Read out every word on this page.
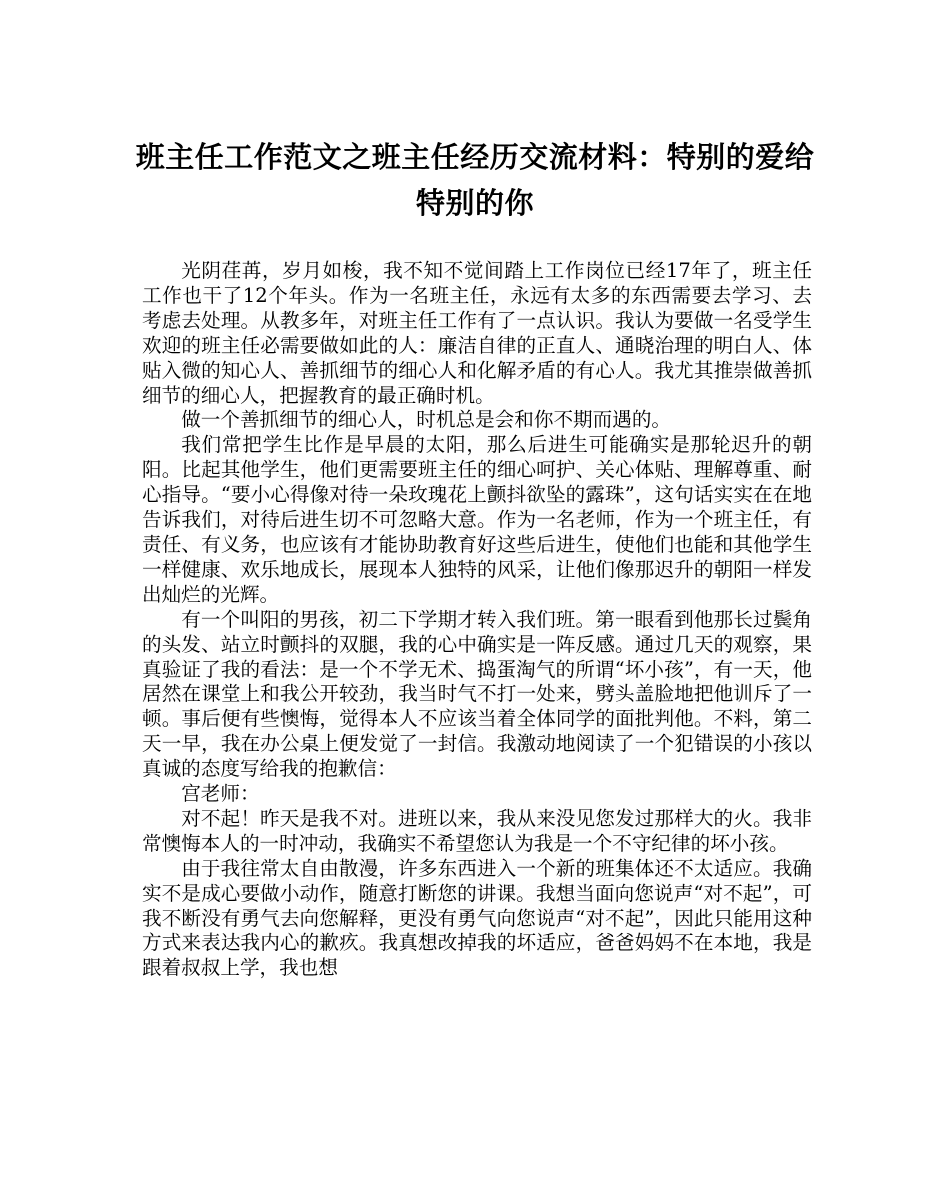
班主任工作范文之班主任经历交流材料：特别的爱给特别的你

光阴荏苒，岁月如梭，我不知不觉间踏上工作岗位已经17年了，班主任工作也干了12个年头。作为一名班主任，永远有太多的东西需要去学习、去考虑去处理。从教多年，对班主任工作有了一点认识。我认为要做一名受学生欢迎的班主任必需要做如此的人：廉洁自律的正直人、通晓治理的明白人、体贴入微的知心人、善抓细节的细心人和化解矛盾的有心人。我尤其推崇做善抓细节的细心人，把握教育的最正确时机。

做一个善抓细节的细心人，时机总是会和你不期而遇的。

我们常把学生比作是早晨的太阳，那么后进生可能确实是那轮迟升的朝阳。比起其他学生，他们更需要班主任的细心呵护、关心体贴、理解尊重、耐心指导。“要小心得像对待一朵玫瑰花上颤抖欲坠的露珠”，这句话实实在在地告诉我们，对待后进生切不可忽略大意。作为一名老师，作为一个班主任，有责任、有义务，也应该有才能协助教育好这些后进生，使他们也能和其他学生一样健康、欢乐地成长，展现本人独特的风采，让他们像那迟升的朝阳一样发出灿烂的光辉。

有一个叫阳的男孩，初二下学期才转入我们班。第一眼看到他那长过鬓角的头发、站立时颤抖的双腿，我的心中确实是一阵反感。通过几天的观察，果真验证了我的看法：是一个不学无术、捣蛋淘气的所谓“坏小孩”，有一天，他居然在课堂上和我公开较劲，我当时气不打一处来，劈头盖脸地把他训斥了一顿。事后便有些懊悔，觉得本人不应该当着全体同学的面批判他。不料，第二天一早，我在办公桌上便发觉了一封信。我激动地阅读了一个犯错误的小孩以真诚的态度写给我的抱歉信：

宫老师：

对不起！昨天是我不对。进班以来，我从来没见您发过那样大的火。我非常懊悔本人的一时冲动，我确实不希望您认为我是一个不守纪律的坏小孩。

由于我往常太自由散漫，许多东西进入一个新的班集体还不太适应。我确实不是成心要做小动作，随意打断您的讲课。我想当面向您说声“对不起”，可我不断没有勇气去向您解释，更没有勇气向您说声“对不起”，因此只能用这种方式来表达我内心的歉疚。我真想改掉我的坏适应，爸爸妈妈不在本地，我是跟着叔叔上学，我也想
